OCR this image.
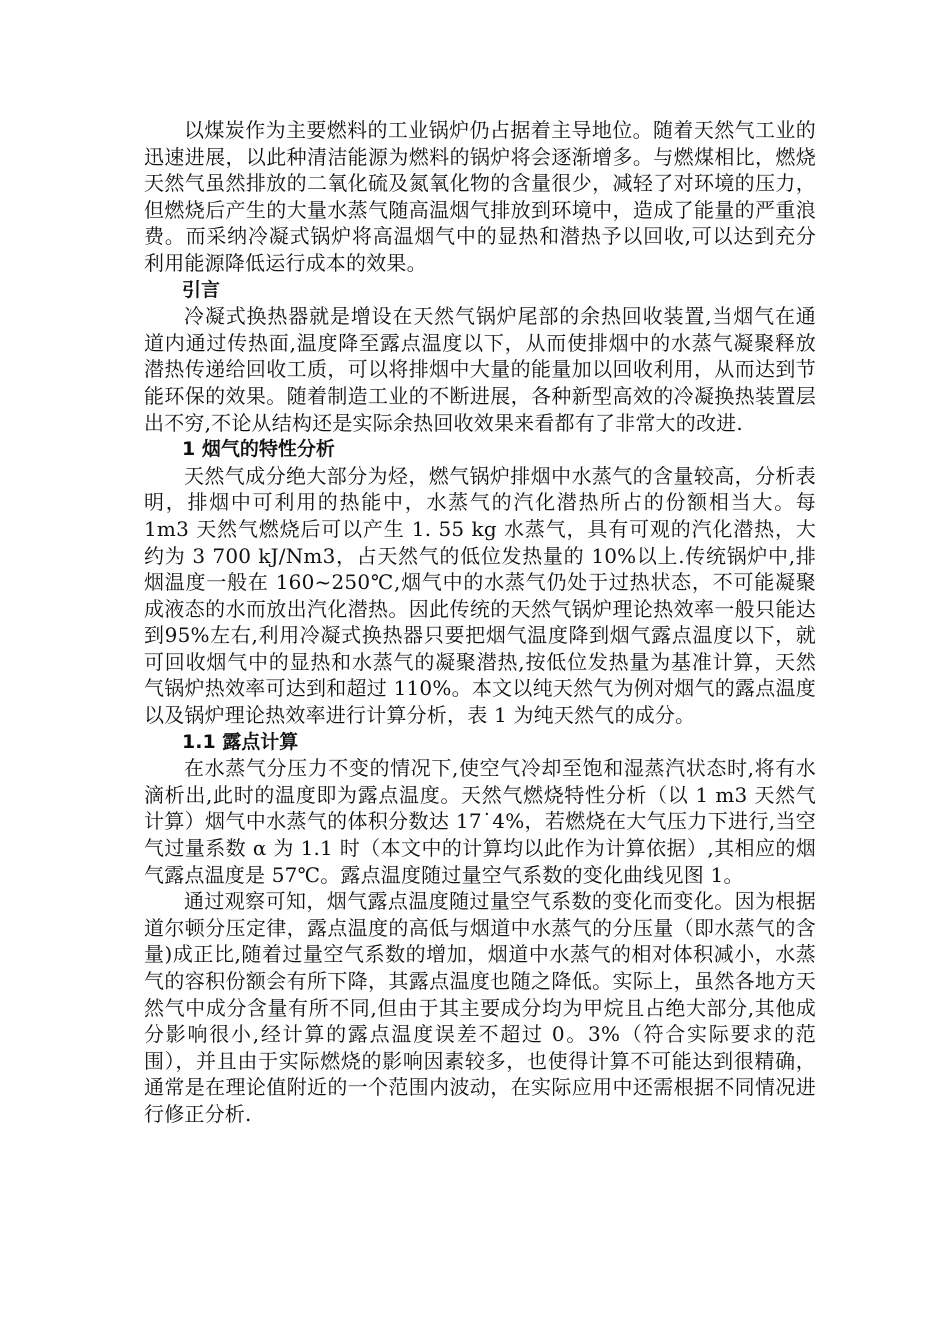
以煤炭作为主要燃料的工业锅炉仍占据着主导地位。随着天然气工业的迅速进展，以此种清洁能源为燃料的锅炉将会逐渐增多。与燃煤相比，燃烧天然气虽然排放的二氧化硫及氮氧化物的含量很少，减轻了对环境的压力，但燃烧后产生的大量水蒸气随高温烟气排放到环境中，造成了能量的严重浪费。而采纳冷凝式锅炉将高温烟气中的显热和潜热予以回收,可以达到充分利用能源降低运行成本的效果。

引言

冷凝式换热器就是增设在天然气锅炉尾部的余热回收装置,当烟气在通道内通过传热面,温度降至露点温度以下，从而使排烟中的水蒸气凝聚释放潜热传递给回收工质，可以将排烟中大量的能量加以回收利用，从而达到节能环保的效果。随着制造工业的不断进展，各种新型高效的冷凝换热装置层出不穷,不论从结构还是实际余热回收效果来看都有了非常大的改进.

1 烟气的特性分析

天然气成分绝大部分为烃，燃气锅炉排烟中水蒸气的含量较高，分析表明，排烟中可利用的热能中，水蒸气的汽化潜热所占的份额相当大。每 1m3 天然气燃烧后可以产生 1. 55 kg 水蒸气，具有可观的汽化潜热，大约为 3 700 kJ/Nm3，占天然气的低位发热量的 10%以上.传统锅炉中,排烟温度一般在 160~250℃,烟气中的水蒸气仍处于过热状态，不可能凝聚成液态的水而放出汽化潜热。因此传统的天然气锅炉理论热效率一般只能达到95%左右,利用冷凝式换热器只要把烟气温度降到烟气露点温度以下，就可回收烟气中的显热和水蒸气的凝聚潜热,按低位发热量为基准计算，天然气锅炉热效率可达到和超过 110%。本文以纯天然气为例对烟气的露点温度以及锅炉理论热效率进行计算分析，表 1 为纯天然气的成分。

1.1 露点计算

在水蒸气分压力不变的情况下,使空气冷却至饱和湿蒸汽状态时,将有水滴析出,此时的温度即为露点温度。天然气燃烧特性分析（以 1 m3 天然气计算）烟气中水蒸气的体积分数达 17˙4%，若燃烧在大气压力下进行,当空气过量系数 α 为 1.1 时（本文中的计算均以此作为计算依据）,其相应的烟气露点温度是 57℃。露点温度随过量空气系数的变化曲线见图 1。

通过观察可知，烟气露点温度随过量空气系数的变化而变化。因为根据道尔顿分压定律，露点温度的高低与烟道中水蒸气的分压量（即水蒸气的含量)成正比,随着过量空气系数的增加，烟道中水蒸气的相对体积减小，水蒸气的容积份额会有所下降，其露点温度也随之降低。实际上，虽然各地方天然气中成分含量有所不同,但由于其主要成分均为甲烷且占绝大部分,其他成分影响很小,经计算的露点温度误差不超过 0。3%（符合实际要求的范围），并且由于实际燃烧的影响因素较多，也使得计算不可能达到很精确，通常是在理论值附近的一个范围内波动，在实际应用中还需根据不同情况进行修正分析.
